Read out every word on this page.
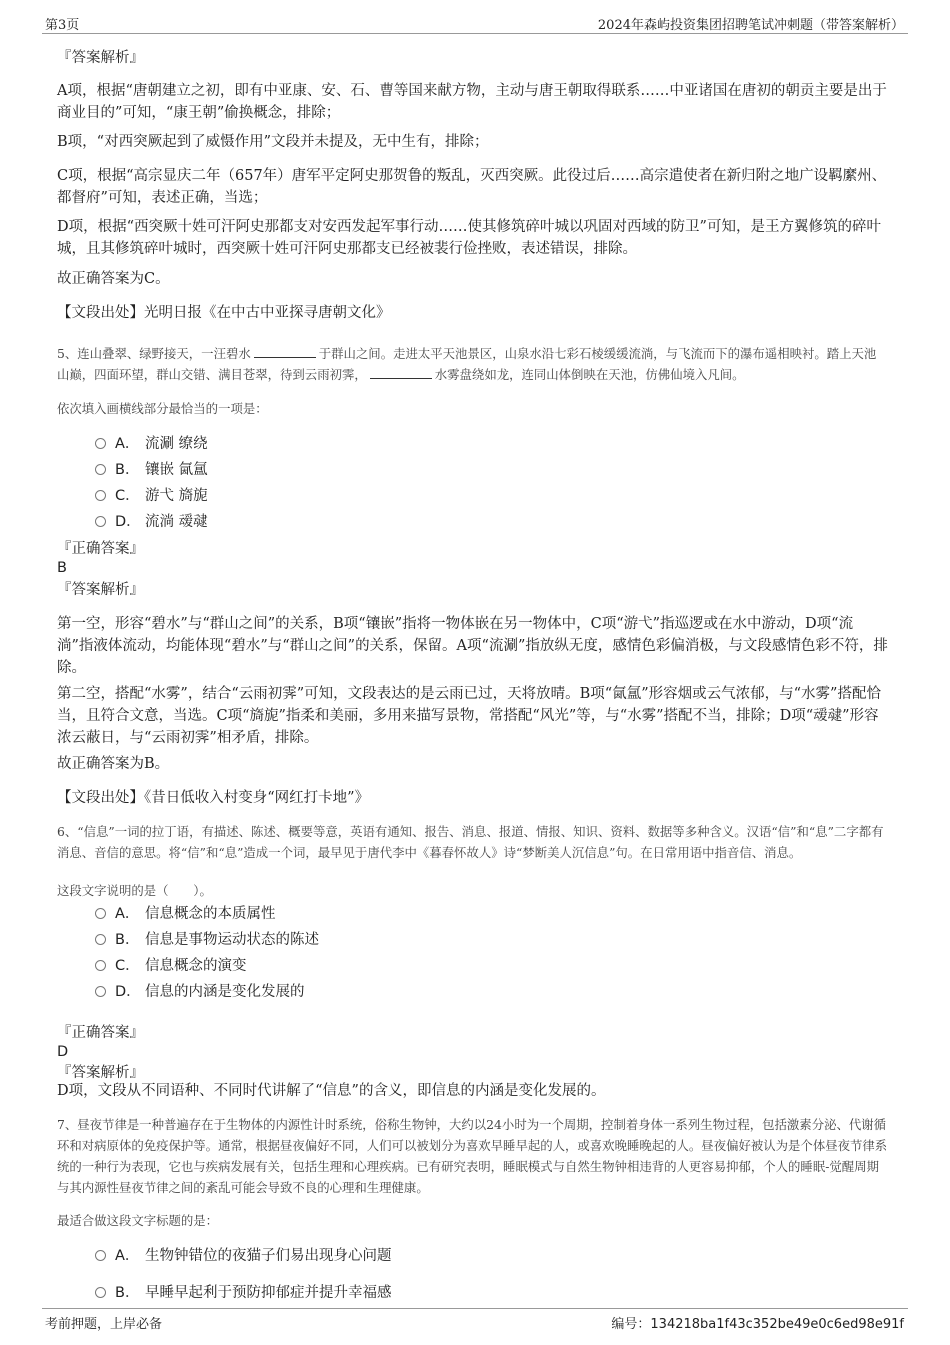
第3页	2024年森屿投资集团招聘笔试冲刺题（带答案解析）
『答案解析』
A项，根据“唐朝建立之初，即有中亚康、安、石、曹等国来献方物，主动与唐王朝取得联系……中亚诸国在唐初的朝贡主要是出于商业目的”可知，“康王朝”偷换概念，排除；
B项，“对西突厥起到了威慑作用”文段并未提及，无中生有，排除；
C项，根据“高宗显庆二年（657年）唐军平定阿史那贺鲁的叛乱，灭西突厥。此役过后……高宗遣使者在新归附之地广设羁縻州、都督府”可知，表述正确，当选；
D项，根据“西突厥十姓可汗阿史那都支对安西发起军事行动……使其修筑碎叶城以巩固对西域的防卫”可知，是王方翼修筑的碎叶城，且其修筑碎叶城时，西突厥十姓可汗阿史那都支已经被裴行俭挫败，表述错误，排除。
故正确答案为C。
【文段出处】光明日报《在中古中亚探寻唐朝文化》
5、连山叠翠、绿野接天，一汪碧水	于群山之间。走进太平天池景区，山泉水沿七彩石棱缓缓流淌，与飞流而下的瀑布遥相映衬。踏上天池山巅，四面环望，群山交错、满目苍翠，待到云雨初霁，	水雾盘绕如龙，连同山体倒映在天池，仿佛仙境入凡间。
依次填入画横线部分最恰当的一项是：
A． 流涮 缭绕
B． 镶嵌 氤氲
C． 游弋 旖旎
D． 流淌 叆叇
『正确答案』
B
『答案解析』
第一空，形容“碧水”与“群山之间”的关系，B项“镶嵌”指将一物体嵌在另一物体中，C项“游弋”指巡逻或在水中游动，D项“流淌”指液体流动，均能体现“碧水”与“群山之间”的关系，保留。A项“流涮”指放纵无度，感情色彩偏消极，与文段感情色彩不符，排除。
第二空，搭配“水雾”，结合“云雨初霁”可知，文段表达的是云雨已过，天将放晴。B项“氤氲”形容烟或云气浓郁，与“水雾”搭配恰当，且符合文意，当选。C项“旖旎”指柔和美丽，多用来描写景物，常搭配“风光”等，与“水雾”搭配不当，排除；D项“叆叇”形容浓云蔽日，与“云雨初霁”相矛盾，排除。
故正确答案为B。
【文段出处】《昔日低收入村变身“网红打卡地”》
6、“信息”一词的拉丁语，有描述、陈述、概要等意，英语有通知、报告、消息、报道、情报、知识、资料、数据等多种含义。汉语“信”和“息”二字都有消息、音信的意思。将“信”和“息”造成一个词，最早见于唐代李中《暮春怀故人》诗“梦断美人沉信息”句。在日常用语中指音信、消息。
这段文字说明的是（　　）。
A． 信息概念的本质属性
B． 信息是事物运动状态的陈述
C． 信息概念的演变
D． 信息的内涵是变化发展的
『正确答案』
D
『答案解析』
D项，文段从不同语种、不同时代讲解了“信息”的含义，即信息的内涵是变化发展的。
7、昼夜节律是一种普遍存在于生物体的内源性计时系统，俗称生物钟，大约以24小时为一个周期，控制着身体一系列生物过程，包括激素分泌、代谢循环和对病原体的免疫保护等。通常，根据昼夜偏好不同，人们可以被划分为喜欢早睡早起的人，或喜欢晚睡晚起的人。昼夜偏好被认为是个体昼夜节律系统的一种行为表现，它也与疾病发展有关，包括生理和心理疾病。已有研究表明，睡眠模式与自然生物钟相违背的人更容易抑郁，个人的睡眠-觉醒周期与其内源性昼夜节律之间的紊乱可能会导致不良的心理和生理健康。
最适合做这段文字标题的是：
A． 生物钟错位的夜猫子们易出现身心问题
B． 早睡早起利于预防抑郁症并提升幸福感
考前押题，上岸必备	编号：134218ba1f43c352be49e0c6ed98e91f
